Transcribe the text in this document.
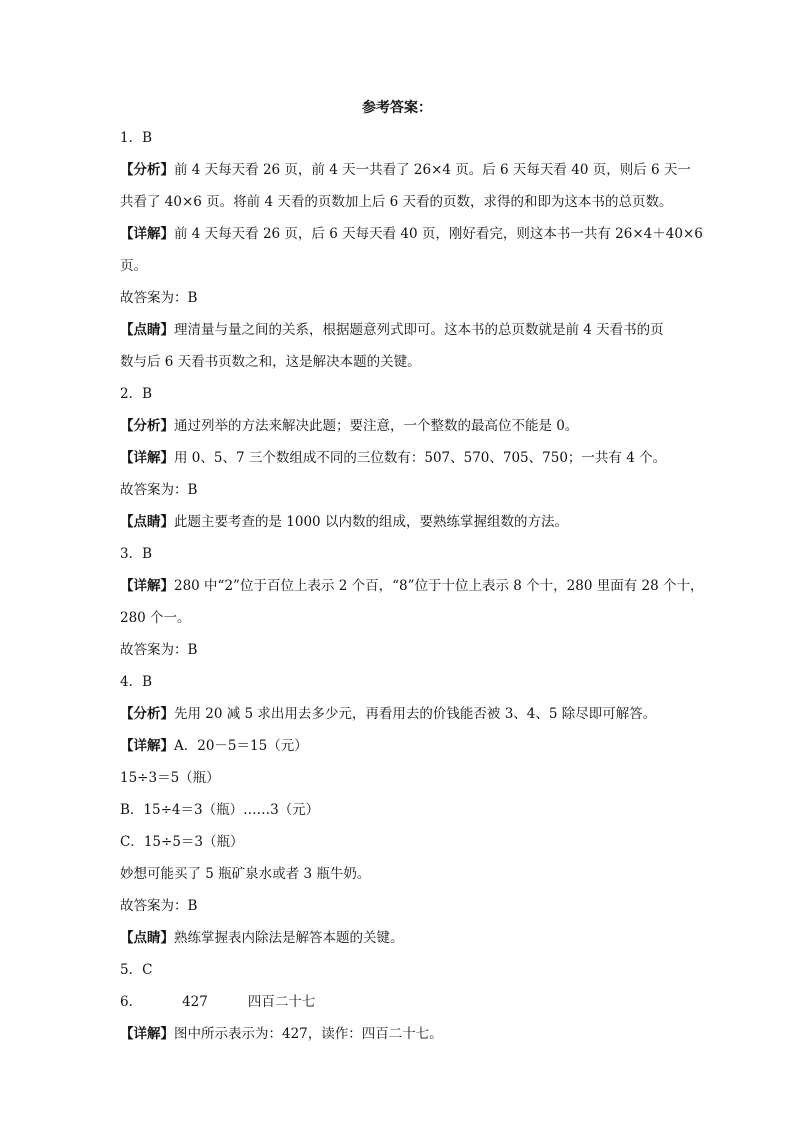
参考答案：
1．B
【分析】前 4 天每天看 26 页，前 4 天一共看了 26×4 页。后 6 天每天看 40 页，则后 6 天一
共看了 40×6 页。将前 4 天看的页数加上后 6 天看的页数，求得的和即为这本书的总页数。
【详解】前 4 天每天看 26 页，后 6 天每天看 40 页，刚好看完，则这本书一共有 26×4＋40×6
页。
故答案为：B
【点睛】理清量与量之间的关系，根据题意列式即可。这本书的总页数就是前 4 天看书的页
数与后 6 天看书页数之和，这是解决本题的关键。
2．B
【分析】通过列举的方法来解决此题；要注意，一个整数的最高位不能是 0。
【详解】用 0、5、7 三个数组成不同的三位数有：507、570、705、750；一共有 4 个。
故答案为：B
【点睛】此题主要考查的是 1000 以内数的组成，要熟练掌握组数的方法。
3．B
【详解】280 中“2”位于百位上表示 2 个百，“8”位于十位上表示 8 个十，280 里面有 28 个十，
280 个一。
故答案为：B
4．B
【分析】先用 20 减 5 求出用去多少元，再看用去的价钱能否被 3、4、5 除尽即可解答。
【详解】A．20－5＝15（元）
15÷3＝5（瓶）
B．15÷4＝3（瓶）……3（元）
C．15÷5＝3（瓶）
妙想可能买了 5 瓶矿泉水或者 3 瓶牛奶。
故答案为：B
【点睛】熟练掌握表内除法是解答本题的关键。
5．C
6．	427	四百二十七
【详解】图中所示表示为：427，读作：四百二十七。
